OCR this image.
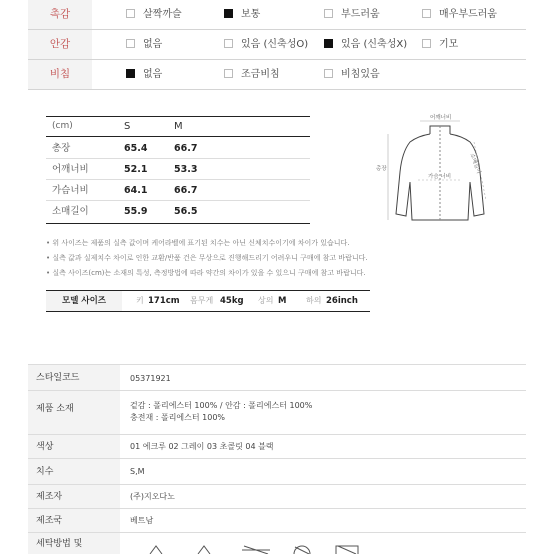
촉감	살짝까슬	보통	부드러움	매우부드러움
안감	없음	있음 (신축성O)	있음 (신축성X)	기모
비침	없음	조금비침	비침있음
(cm)	S	M
총장	65.4	66.7
어깨너비	52.1	53.3
가슴너비	64.1	66.7
소매길이	55.9	56.5
어깨너비
총장
가슴 너비
소매길이
• 위 사이즈는 제품의 실측 값이며 케어라벨에 표기된 치수는 아닌 신체치수이기에 차이가 있습니다.
• 실측 값과 실제치수 차이로 인한 교환/반품 건은 무상으로 진행해드리기 어려우니 구매에 참고 바랍니다.
• 실측 사이즈(cm)는 소재의 특성, 측정방법에 따라 약간의 차이가 있을 수 있으니 구매에 참고 바랍니다.
모델 사이즈	키 171cm 몸무게 45kg 상의 M 하의 26inch
스타일코드	05371921
제품 소재	겉감 : 폴리에스터 100% / 안감 : 폴리에스터 100%
충전재 : 폴리에스터 100%
색상	01 에크루 02 그레이 03 초콜릿 04 블랙
치수	S,M
제조자	(주)지오다노
제조국	베트남
세탁방법 및
